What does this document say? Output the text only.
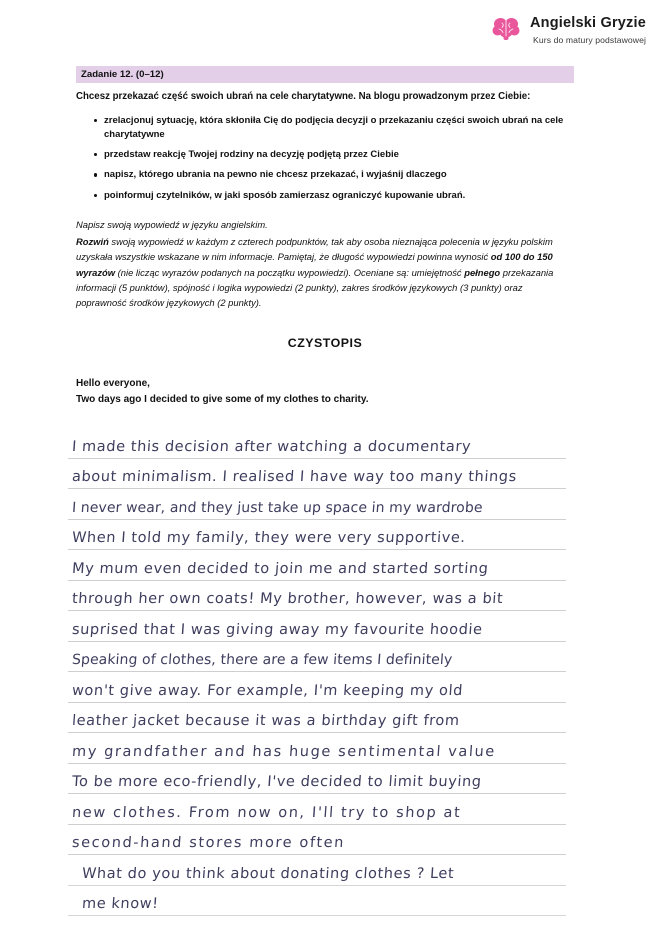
Angielski Gryzie
Kurs do matury podstawowej
Zadanie 12. (0–12)
Chcesz przekazać część swoich ubrań na cele charytatywne. Na blogu prowadzonym przez Ciebie:
zrelacjonuj sytuację, która skłoniła Cię do podjęcia decyzji o przekazaniu części swoich ubrań na cele charytatywne
przedstaw reakcję Twojej rodziny na decyzję podjętą przez Ciebie
napisz, którego ubrania na pewno nie chcesz przekazać, i wyjaśnij dlaczego
poinformuj czytelników, w jaki sposób zamierzasz ograniczyć kupowanie ubrań.

Napisz swoją wypowiedź w języku angielskim.

Rozwiń swoją wypowiedź w każdym z czterech podpunktów, tak aby osoba nieznająca polecenia w języku polskim uzyskała wszystkie wskazane w nim informacje. Pamiętaj, że długość wypowiedzi powinna wynosić od 100 do 150 wyrazów (nie licząc wyrazów podanych na początku wypowiedzi). Oceniane są: umiejętność pełnego przekazania informacji (5 punktów), spójność i logika wypowiedzi (2 punkty), zakres środków językowych (3 punkty) oraz poprawność środków językowych (2 punkty).

CZYSTOPIS
Hello everyone,
Two days ago I decided to give some of my clothes to charity.
I made this decision after watching a documentary
about minimalism. I realised I have way too many things
I never wear, and they just take up space in my wardrobe
When I told my family, they were very supportive.
My mum even decided to join me and started sorting
through her own coats! My brother, however, was a bit
suprised that I was giving away my favourite hoodie
Speaking of clothes, there are a few items I definitely
won't give away. For example, I'm keeping my old
leather jacket because it was a birthday gift from
my grandfather and has huge sentimental value
To be more eco-friendly, I've decided to limit buying
new clothes. From now on, I'll try to shop at
second-hand stores more often
What do you think about donating clothes ? Let
me know!
